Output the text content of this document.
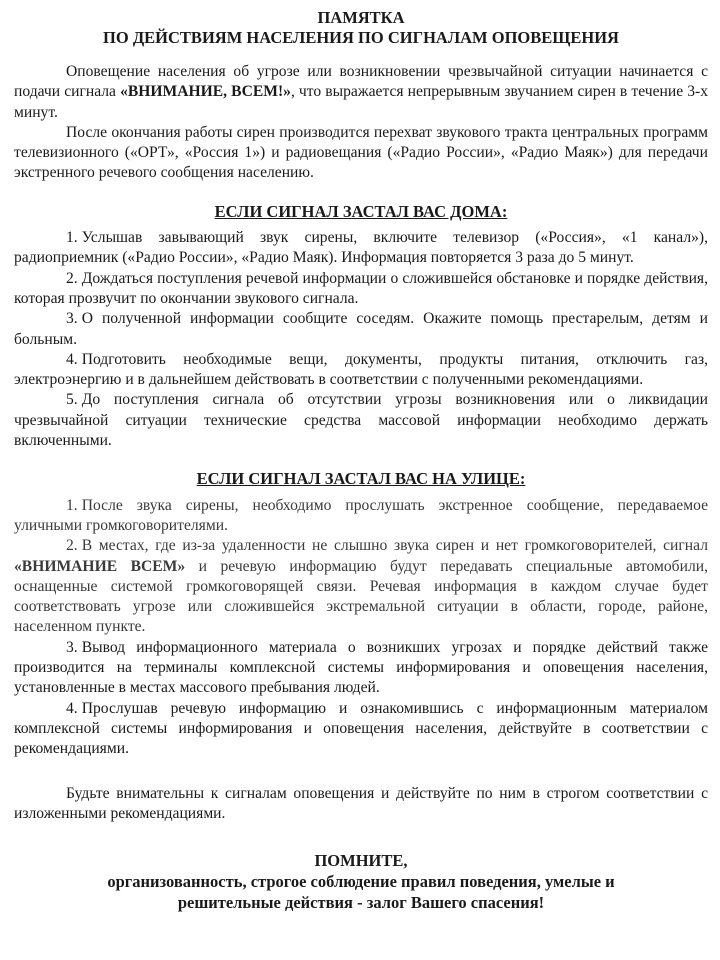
ПАМЯТКА
ПО ДЕЙСТВИЯМ НАСЕЛЕНИЯ ПО СИГНАЛАМ ОПОВЕЩЕНИЯ

Оповещение населения об угрозе или возникновении чрезвычайной ситуации начинается с подачи сигнала «ВНИМАНИЕ, ВСЕМ!», что выражается непрерывным звучанием сирен в течение 3-х минут.

После окончания работы сирен производится перехват звукового тракта центральных программ телевизионного («ОРТ», «Россия 1») и радиовещания («Радио России», «Радио Маяк») для передачи экстренного речевого сообщения населению.

ЕСЛИ СИГНАЛ ЗАСТАЛ ВАС ДОМА:

1. Услышав завывающий звук сирены, включите телевизор («Россия», «1 канал»), радиоприемник («Радио России», «Радио Маяк). Информация повторяется 3 раза до 5 минут.

2. Дождаться поступления речевой информации о сложившейся обстановке и порядке действия, которая прозвучит по окончании звукового сигнала.

3. О полученной информации сообщите соседям. Окажите помощь престарелым, детям и больным.

4. Подготовить необходимые вещи, документы, продукты питания, отключить газ, электроэнергию и в дальнейшем действовать в соответствии с полученными рекомендациями.

5. До поступления сигнала об отсутствии угрозы возникновения или о ликвидации чрезвычайной ситуации технические средства массовой информации необходимо держать включенными.

ЕСЛИ СИГНАЛ ЗАСТАЛ ВАС НА УЛИЦЕ:

1. После звука сирены, необходимо прослушать экстренное сообщение, передаваемое уличными громкоговорителями.

2. В местах, где из-за удаленности не слышно звука сирен и нет громкоговорителей, сигнал «ВНИМАНИЕ ВСЕМ» и речевую информацию будут передавать специальные автомобили, оснащенные системой громкоговорящей связи. Речевая информация в каждом случае будет соответствовать угрозе или сложившейся экстремальной ситуации в области, городе, районе, населенном пункте.

3. Вывод информационного материала о возникших угрозах и порядке действий также производится на терминалы комплексной системы информирования и оповещения населения, установленные в местах массового пребывания людей.

4. Прослушав речевую информацию и ознакомившись с информационным материалом комплексной системы информирования и оповещения населения, действуйте в соответствии с рекомендациями.

Будьте внимательны к сигналам оповещения и действуйте по ним в строгом соответствии с изложенными рекомендациями.

ПОМНИТЕ,
организованность, строгое соблюдение правил поведения, умелые и
решительные действия - залог Вашего спасения!
